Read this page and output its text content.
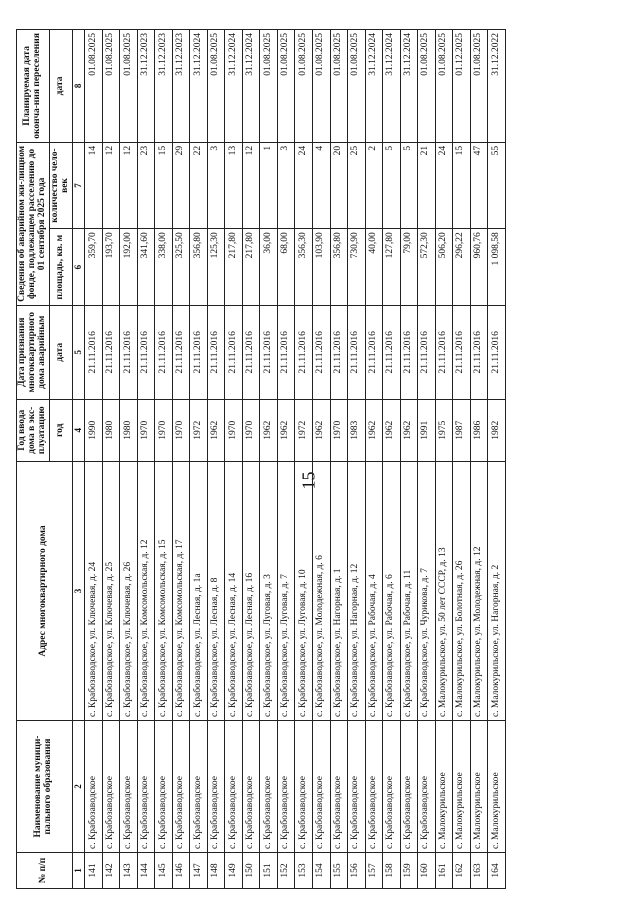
15
№ п/п	Наименование муници-пального образования	Адрес многоквартирного дома	Год ввода дома в экс-плуатацию	Дата признания многоквартирного дома аварийным	Сведения об аварийном жи-лищном фонде, подлежащем расселению до 01 сентября 2025 года		Планируемая дата оконча-ния переселения
			год	дата	площадь, кв. м	количество чело-век	дата
1	2	3	4	5	6	7	8
141	с. Крабозаводское	с. Крабозаводское, ул. Ключевая, д. 24	1990	21.11.2016	359,70	14	01.08.2025
142	с. Крабозаводское	с. Крабозаводское, ул. Ключевая, д. 25	1980	21.11.2016	193,70	12	01.08.2025
143	с. Крабозаводское	с. Крабозаводское, ул. Ключевая, д. 26	1980	21.11.2016	192,00	12	01.08.2025
144	с. Крабозаводское	с. Крабозаводское, ул. Комсомольская, д. 12	1970	21.11.2016	341,60	23	31.12.2023
145	с. Крабозаводское	с. Крабозаводское, ул. Комсомольская, д. 15	1970	21.11.2016	338,00	15	31.12.2023
146	с. Крабозаводское	с. Крабозаводское, ул. Комсомольская, д. 17	1970	21.11.2016	325,50	29	31.12.2023
147	с. Крабозаводское	с. Крабозаводское, ул. Лесная, д. 1а	1972	21.11.2016	356,80	22	31.12.2024
148	с. Крабозаводское	с. Крабозаводское, ул. Лесная, д. 8	1962	21.11.2016	125,30	3	01.08.2025
149	с. Крабозаводское	с. Крабозаводское, ул. Лесная, д. 14	1970	21.11.2016	217,80	13	31.12.2024
150	с. Крабозаводское	с. Крабозаводское, ул. Лесная, д. 16	1970	21.11.2016	217,80	12	31.12.2024
151	с. Крабозаводское	с. Крабозаводское, ул. Луговая, д. 3	1962	21.11.2016	36,00	1	01.08.2025
152	с. Крабозаводское	с. Крабозаводское, ул. Луговая, д. 7	1962	21.11.2016	68,00	3	01.08.2025
153	с. Крабозаводское	с. Крабозаводское, ул. Луговая, д. 10	1972	21.11.2016	356,30	24	01.08.2025
154	с. Крабозаводское	с. Крабозаводское, ул. Молодежная, д. 6	1962	21.11.2016	103,90	4	01.08.2025
155	с. Крабозаводское	с. Крабозаводское, ул. Нагорная, д. 1	1970	21.11.2016	356,80	20	01.08.2025
156	с. Крабозаводское	с. Крабозаводское, ул. Нагорная, д. 12	1983	21.11.2016	730,90	25	01.08.2025
157	с. Крабозаводское	с. Крабозаводское, ул. Рабочая, д. 4	1962	21.11.2016	40,00	2	31.12.2024
158	с. Крабозаводское	с. Крабозаводское, ул. Рабочая, д. 6	1962	21.11.2016	127,80	5	31.12.2024
159	с. Крабозаводское	с. Крабозаводское, ул. Рабочая, д. 11	1962	21.11.2016	79,00	5	31.12.2024
160	с. Крабозаводское	с. Крабозаводское, ул. Чурикова, д. 7	1991	21.11.2016	572,30	21	01.08.2025
161	с. Малокурильское	с. Малокурильское, ул. 50 лет СССР, д. 13	1975	21.11.2016	506,20	24	01.08.2025
162	с. Малокурильское	с. Малокурильское, ул. Болотная, д. 26	1987	21.11.2016	296,22	15	01.12.2025
163	с. Малокурильское	с. Малокурильское, ул. Молодежная, д. 12	1986	21.11.2016	960,76	47	01.08.2025
164	с. Малокурильское	с. Малокурильское, ул. Нагорная, д. 2	1982	21.11.2016	1 098,58	55	31.12.2022
